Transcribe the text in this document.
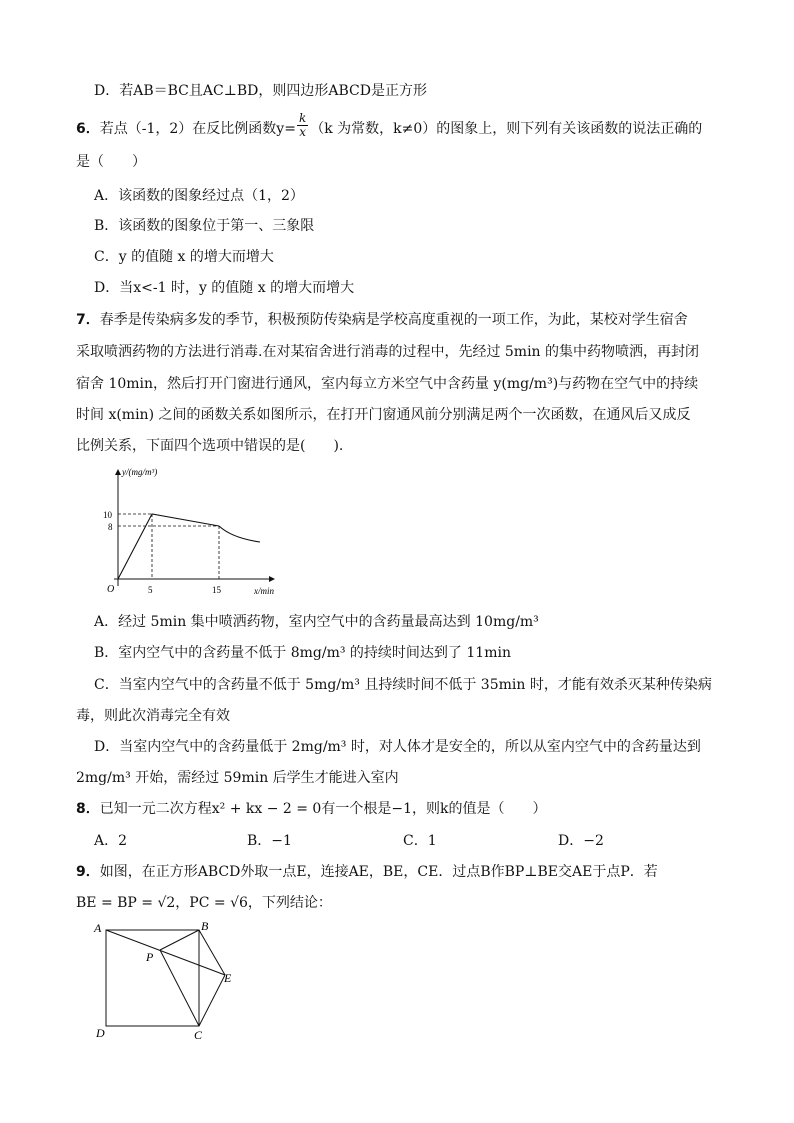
D．若AB＝BC且AC⊥BD，则四边形ABCD是正方形
6．若点（-1，2）在反比例函数$y= \frac{k}{x} (k$ 为常数，k≠0）的图象上，则下列有关该函数的说法正确的
是（　　）
A．该函数的图象经过点（1，2）
B．该函数的图象位于第一、三象限
C．y 的值随 x 的增大而增大
D．当x<-1 时，y 的值随 x 的增大而增大
7．春季是传染病多发的季节，积极预防传染病是学校高度重视的一项工作，为此，某校对学生宿舍
采取喷洒药物的方法进行消毒.在对某宿舍进行消毒的过程中，先经过 5min 的集中药物喷洒，再封闭
宿舍 10min，然后打开门窗进行通风，室内每立方米空气中含药量 y(mg/m³)与药物在空气中的持续
时间 x(min) 之间的函数关系如图所示，在打开门窗通风前分别满足两个一次函数，在通风后又成反
比例关系，下面四个选项中错误的是(　　).
y/(mg/m³)
x/min
O
10
8
5	15
A．经过 5min 集中喷洒药物，室内空气中的含药量最高达到 10mg/m³
B．室内空气中的含药量不低于 8mg/m³ 的持续时间达到了 11min
C．当室内空气中的含药量不低于 5mg/m³ 且持续时间不低于 35min 时，才能有效杀灭某种传染病
毒，则此次消毒完全有效
D．当室内空气中的含药量低于 2mg/m³ 时，对人体才是安全的，所以从室内空气中的含药量达到
2mg/m³ 开始，需经过 59min 后学生才能进入室内
8．已知一元二次方程x² + kx − 2 = 0有一个根是−1，则k的值是（　　）
A．2	B．−1	C．1	D．−2
9．如图，在正方形ABCD外取一点E，连接AE，BE，CE．过点B作BP⊥BE交AE于点P．若
BE = BP = √2，PC = √6，下列结论：
A	B
P
E
D	C
